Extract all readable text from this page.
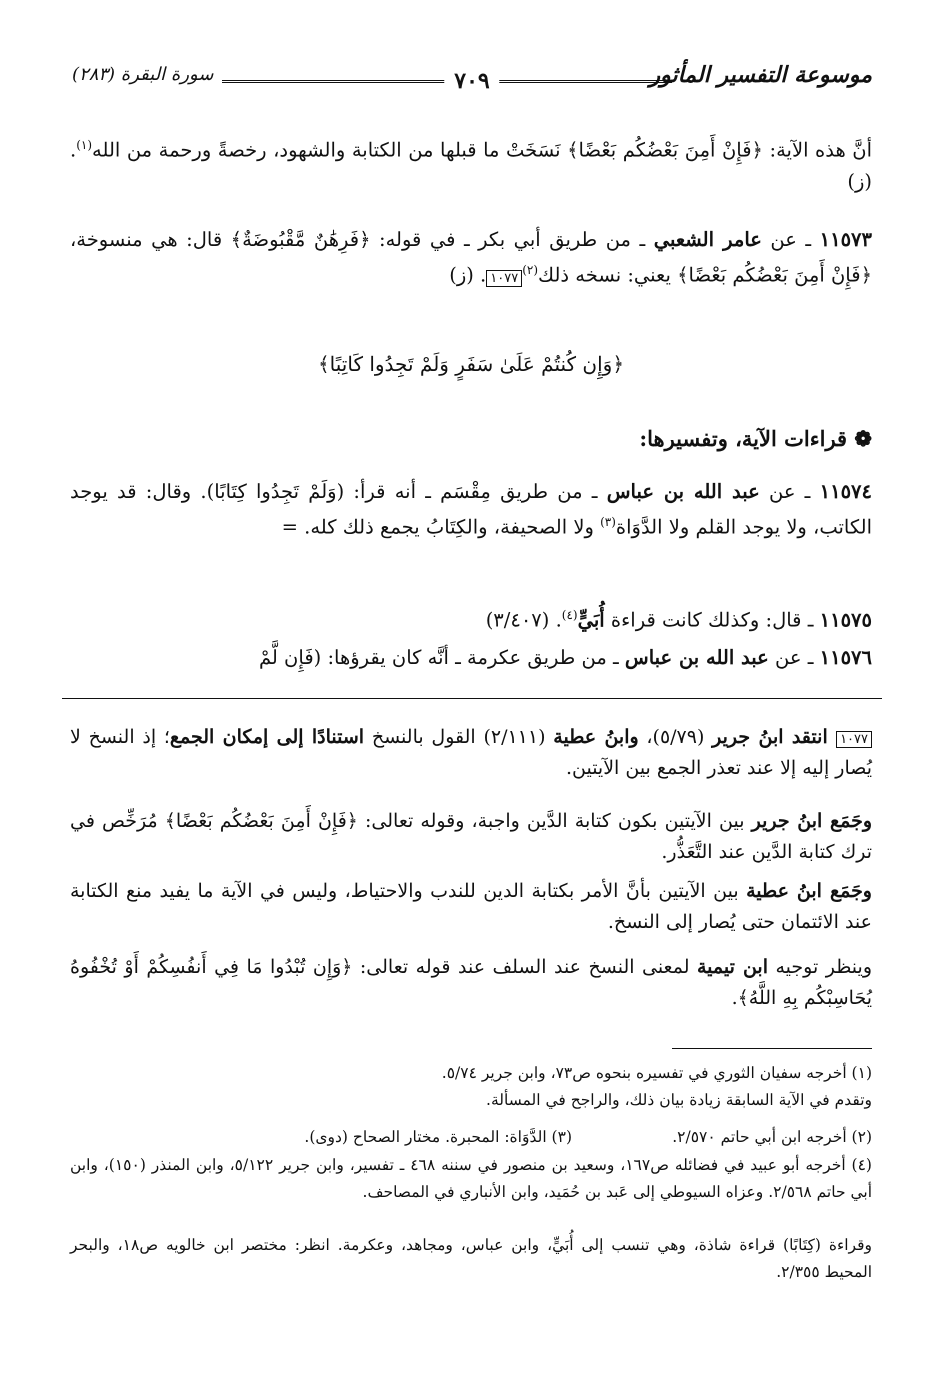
موسوعة التفسير المأثور
٧٠٩
سورة البقرة (٢٨٣)
أنَّ هذه الآية: ﴿فَإِنْ أَمِنَ بَعْضُكُم بَعْضًا﴾ نَسَخَتْ ما قبلها من الكتابة والشهود، رخصةً ورحمة من الله$^{(١)}$. (ز)
١١٥٧٣ ـ عن عامر الشعبي ـ من طريق أبي بكر ـ في قوله: ﴿فَرِهَٰنٌ مَّقْبُوضَةٌ﴾ قال: هي منسوخة، ﴿فَإِنْ أَمِنَ بَعْضُكُم بَعْضًا﴾ يعني: نسخه ذلك$^{(٢)}$١٠٧٧. (ز)
﴿وَإِن كُنتُمْ عَلَىٰ سَفَرٍ وَلَمْ تَجِدُوا كَاتِبًا﴾
❁ قراءات الآية، وتفسيرها:
١١٥٧٤ ـ عن عبد الله بن عباس ـ من طريق مِقْسَم ـ أنه قرأ: (وَلَمْ تَجِدُوا كِتَابًا). وقال: قد يوجد الكاتب، ولا يوجد القلم ولا الدَّوَاة$^{(٣)}$ ولا الصحيفة، والكِتَابُ يجمع ذلك كله. =
١١٥٧٥ ـ قال: وكذلك كانت قراءة أُبَيٍّ$^{(٤)}$. (٣/٤٠٧)
١١٥٧٦ ـ عن عبد الله بن عباس ـ من طريق عكرمة ـ أنَّه كان يقرؤها: (فَإِن لَّمْ
١٠٧٧ انتقد ابنُ جرير (٥/٧٩)، وابنُ عطية (٢/١١١) القول بالنسخ استنادًا إلى إمكان الجمع؛ إذ النسخ لا يُصار إليه إلا عند تعذر الجمع بين الآيتين.
وجَمَع ابنُ جرير بين الآيتين بكون كتابة الدَّين واجبة، وقوله تعالى: ﴿فَإِنْ أَمِنَ بَعْضُكُم بَعْضًا﴾ مُرَخِّص في ترك كتابة الدَّين عند التَّعَذُّر.
وجَمَع ابنُ عطية بين الآيتين بأنَّ الأمر بكتابة الدين للندب والاحتياط، وليس في الآية ما يفيد منع الكتابة عند الائتمان حتى يُصار إلى النسخ.
وينظر توجيه ابن تيمية لمعنى النسخ عند السلف عند قوله تعالى: ﴿وَإِن تُبْدُوا مَا فِي أَنفُسِكُمْ أَوْ تُخْفُوهُ يُحَاسِبْكُم بِهِ اللَّهُ﴾.
(١) أخرجه سفيان الثوري في تفسيره بنحوه ص٧٣، وابن جرير ٥/٧٤.
وتقدم في الآية السابقة زيادة بيان ذلك، والراجح في المسألة.
(٢) أخرجه ابن أبي حاتم ٢/٥٧٠.(٣) الدَّوَاة: المحبرة. مختار الصحاح (دوى).
(٤) أخرجه أبو عبيد في فضائله ص١٦٧، وسعيد بن منصور في سننه ٤٦٨ ـ تفسير، وابن جرير ٥/١٢٢، وابن المنذر (١٥٠)، وابن أبي حاتم ٢/٥٦٨. وعزاه السيوطي إلى عَبد بن حُمَيد، وابن الأنباري في المصاحف.
وقراءة (كِتَابًا) قراءة شاذة، وهي تنسب إلى أُبَيٍّ، وابن عباس، ومجاهد، وعكرمة. انظر: مختصر ابن خالويه ص١٨، والبحر المحيط ٢/٣٥٥.
